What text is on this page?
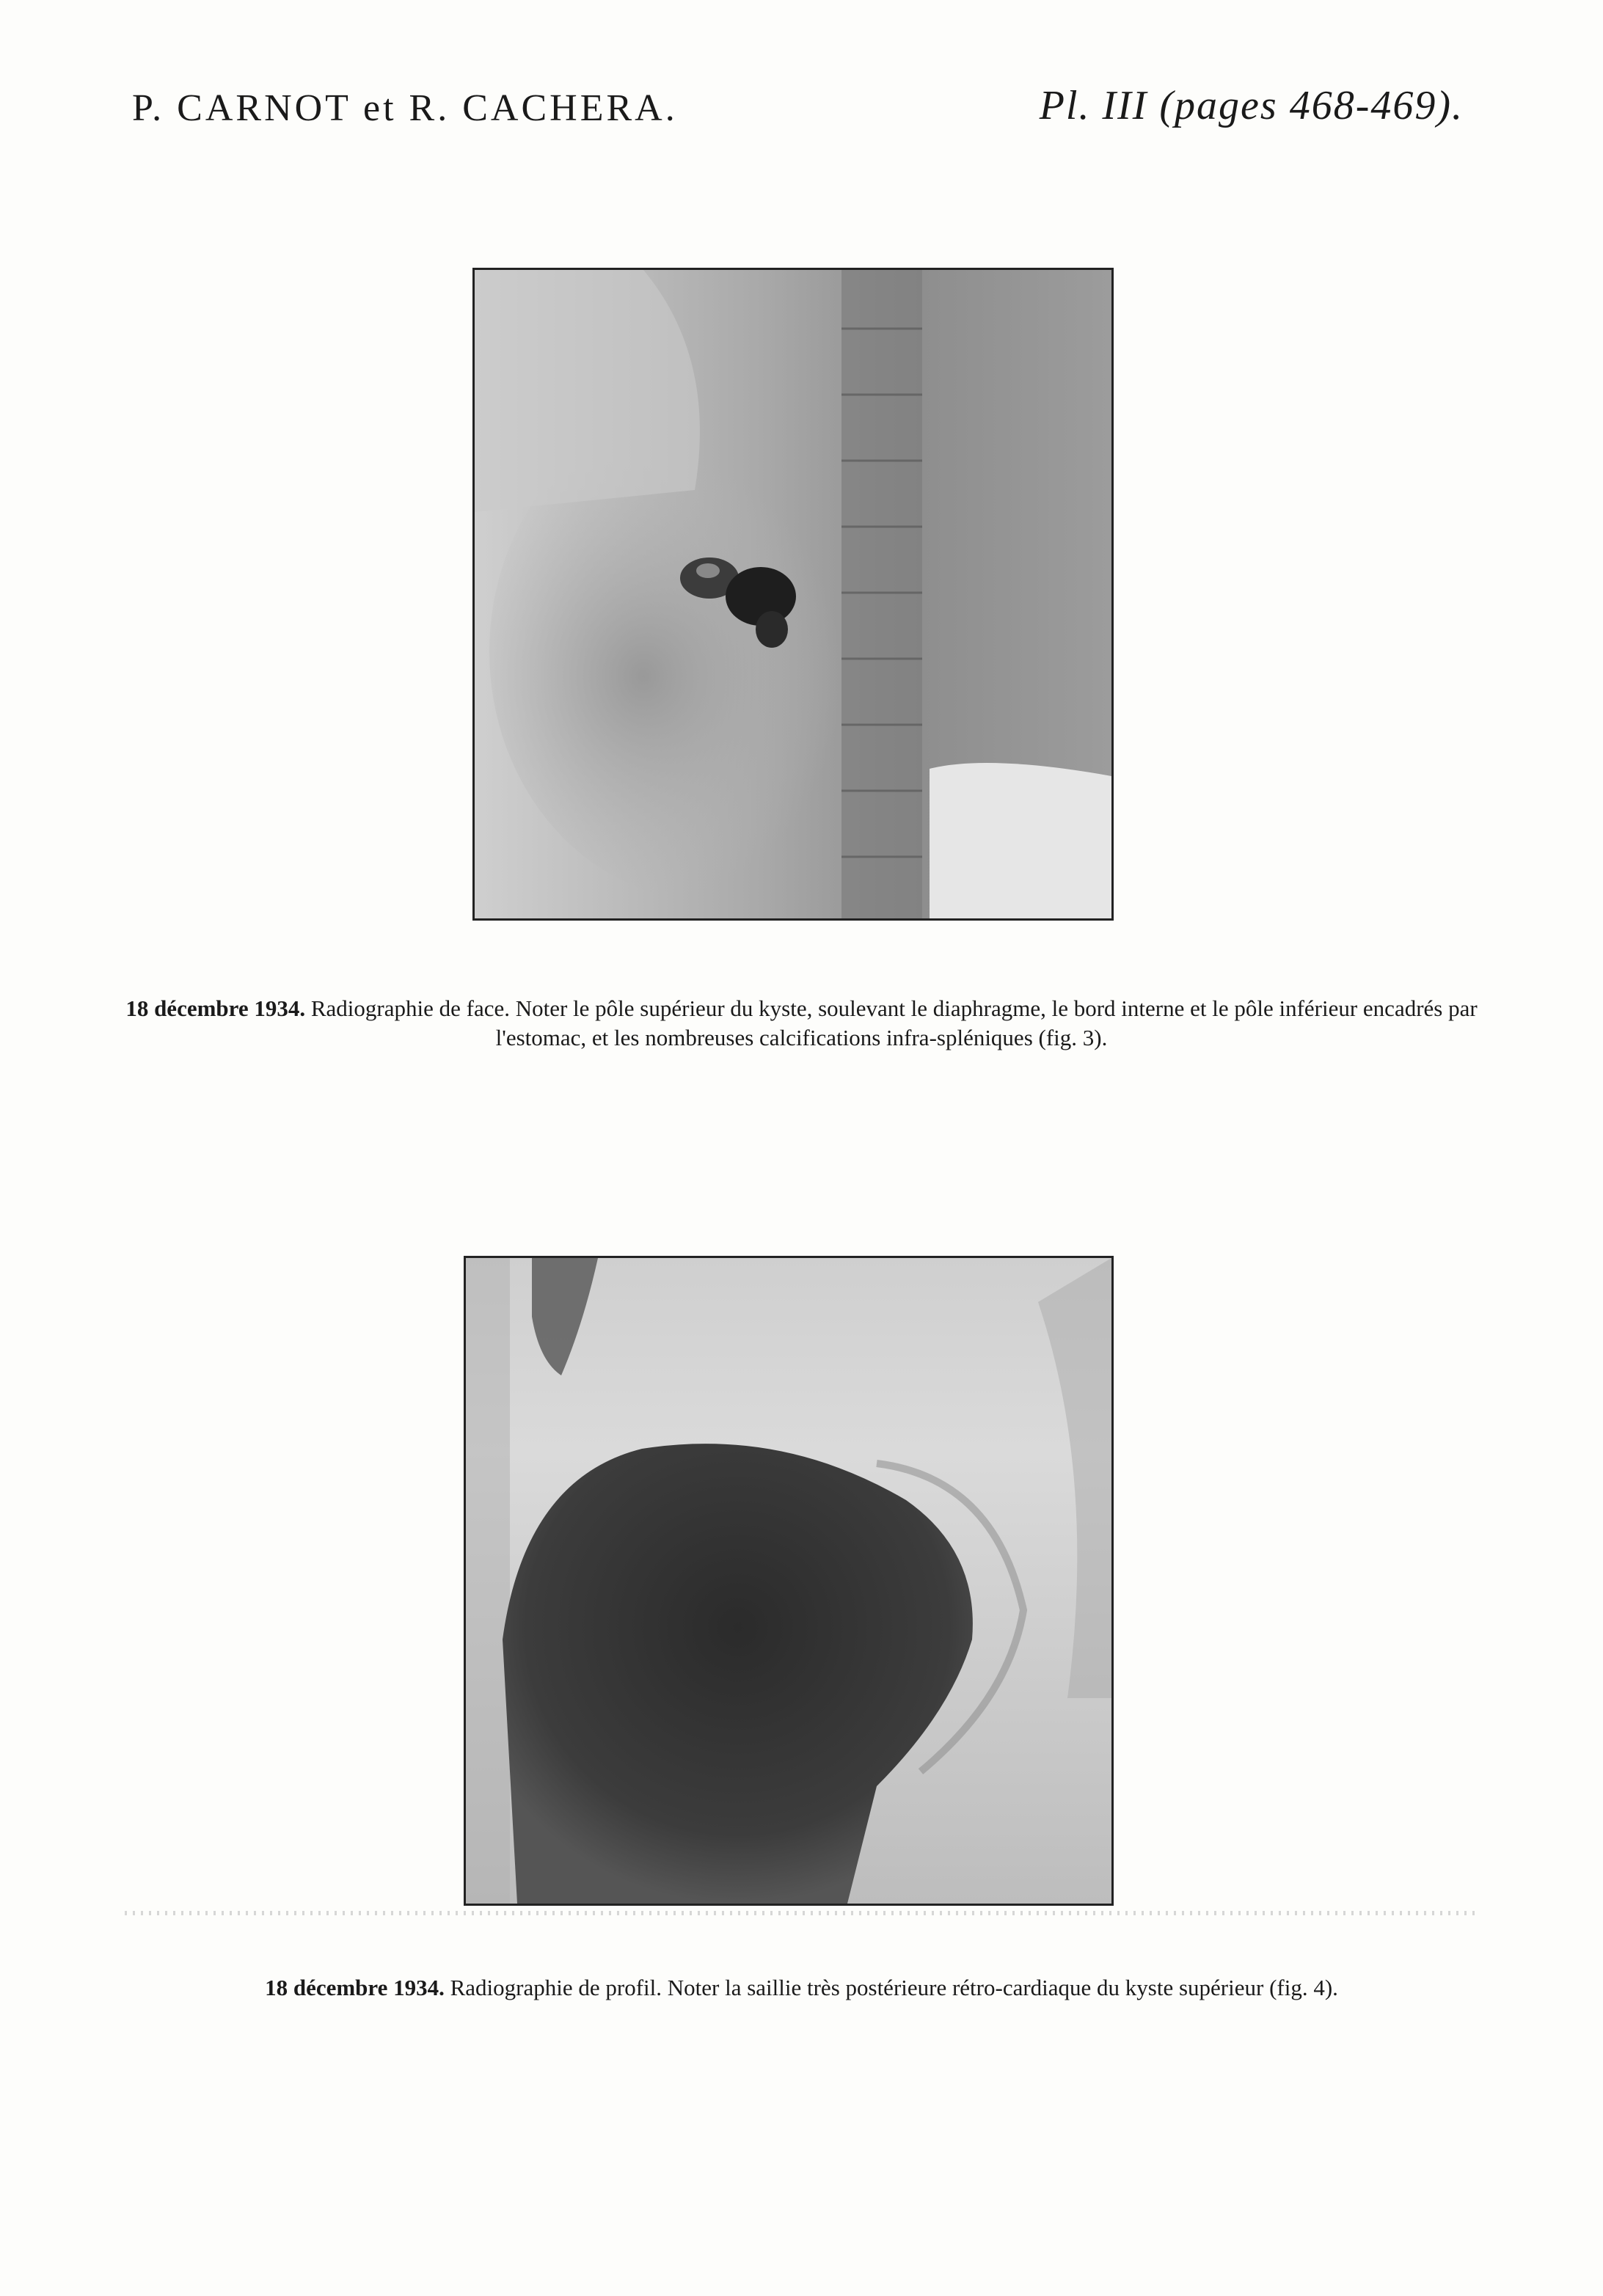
P. CARNOT et R. CACHERA.	Pl. III (pages 468-469).
18 décembre 1934. Radiographie de face. Noter le pôle supérieur du kyste, soulevant le diaphragme, le bord interne et le pôle inférieur encadrés par l'estomac, et les nombreuses calcifications infra-spléniques (fig. 3).
18 décembre 1934. Radiographie de profil. Noter la saillie très postérieure rétro-cardiaque du kyste supérieur (fig. 4).
